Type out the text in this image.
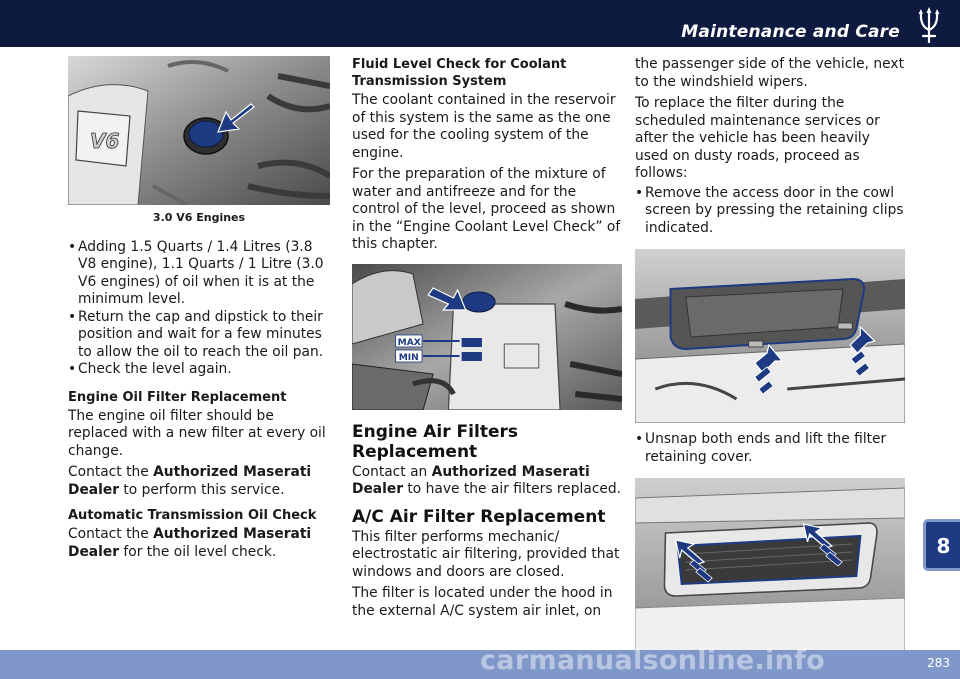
Maintenance and Care
8
V6
3.0 V6 Engines
• Adding 1.5 Quarts / 1.4 Litres (3.8 V8 engine), 1.1 Quarts / 1 Litre (3.0 V6 engines) of oil when it is at the minimum level.
• Return the cap and dipstick to their position and wait for a few minutes to allow the oil to reach the oil pan.
• Check the level again.
Engine Oil Filter Replacement
The engine oil filter should be replaced with a new filter at every oil change.
Contact the Authorized Maserati Dealer to perform this service.
Automatic Transmission Oil Check
Contact the Authorized Maserati Dealer for the oil level check.
Fluid Level Check for Coolant Transmission System
The coolant contained in the reservoir of this system is the same as the one used for the cooling system of the engine.
For the preparation of the mixture of water and antifreeze and for the control of the level, proceed as shown in the “Engine Coolant Level Check” of this chapter.
MAX
MIN
Engine Air Filters Replacement
Contact an Authorized Maserati Dealer to have the air filters replaced.
A/C Air Filter Replacement
This filter performs mechanic/ electrostatic air filtering, provided that windows and doors are closed.
The filter is located under the hood in the external A/C system air inlet, on
the passenger side of the vehicle, next to the windshield wipers.
To replace the filter during the scheduled maintenance services or after the vehicle has been heavily used on dusty roads, proceed as follows:
• Remove the access door in the cowl screen by pressing the retaining clips indicated.
• Unsnap both ends and lift the filter retaining cover.
carmanualsonline.info	283
